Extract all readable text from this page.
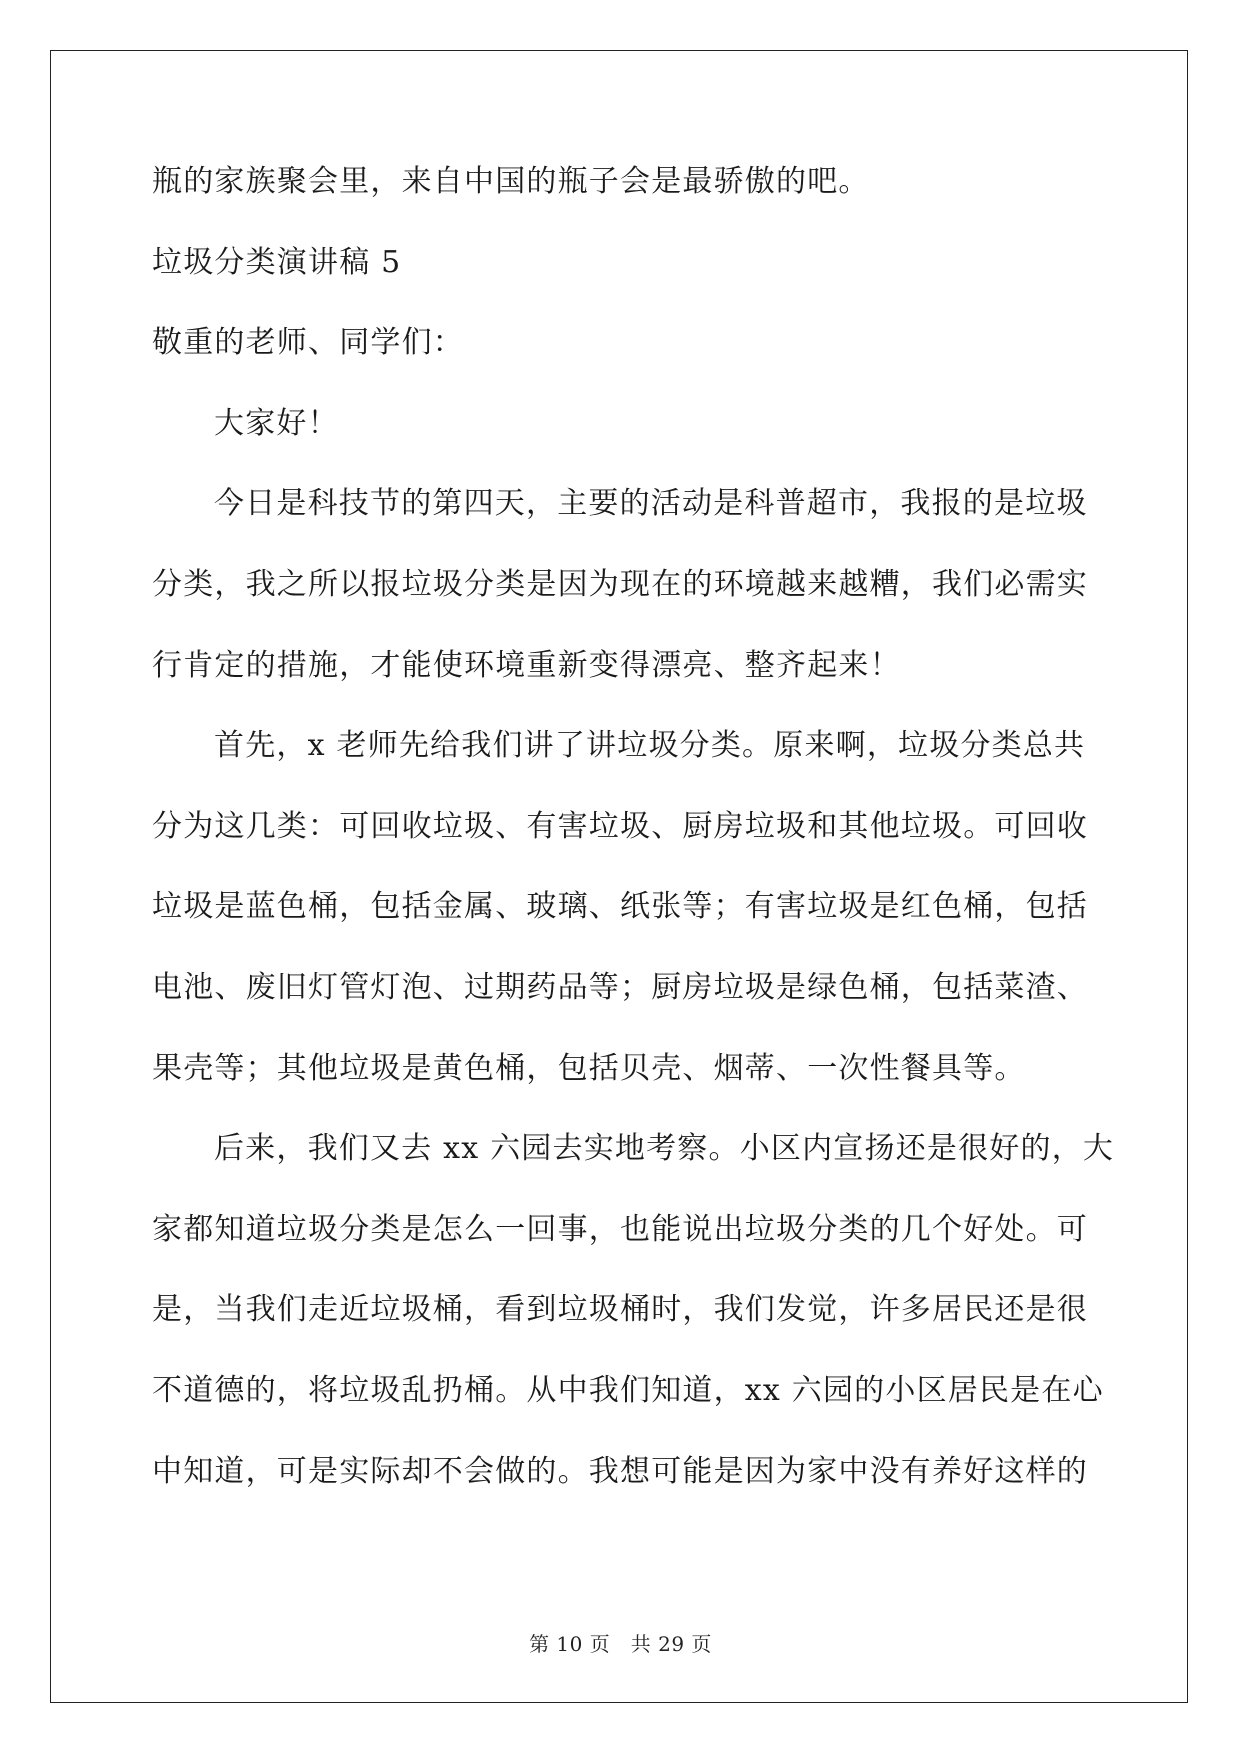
瓶的家族聚会里，来自中国的瓶子会是最骄傲的吧。

垃圾分类演讲稿 5

敬重的老师、同学们：

大家好！

今日是科技节的第四天，主要的活动是科普超市，我报的是垃圾

分类，我之所以报垃圾分类是因为现在的环境越来越糟，我们必需实

行肯定的措施，才能使环境重新变得漂亮、整齐起来！

首先，x 老师先给我们讲了讲垃圾分类。原来啊，垃圾分类总共

分为这几类：可回收垃圾、有害垃圾、厨房垃圾和其他垃圾。可回收

垃圾是蓝色桶，包括金属、玻璃、纸张等；有害垃圾是红色桶，包括

电池、废旧灯管灯泡、过期药品等；厨房垃圾是绿色桶，包括菜渣、

果壳等；其他垃圾是黄色桶，包括贝壳、烟蒂、一次性餐具等。

后来，我们又去 xx 六园去实地考察。小区内宣扬还是很好的，大

家都知道垃圾分类是怎么一回事，也能说出垃圾分类的几个好处。可

是，当我们走近垃圾桶，看到垃圾桶时，我们发觉，许多居民还是很

不道德的，将垃圾乱扔桶。从中我们知道，xx 六园的小区居民是在心

中知道，可是实际却不会做的。我想可能是因为家中没有养好这样的

第 10 页　共 29 页
